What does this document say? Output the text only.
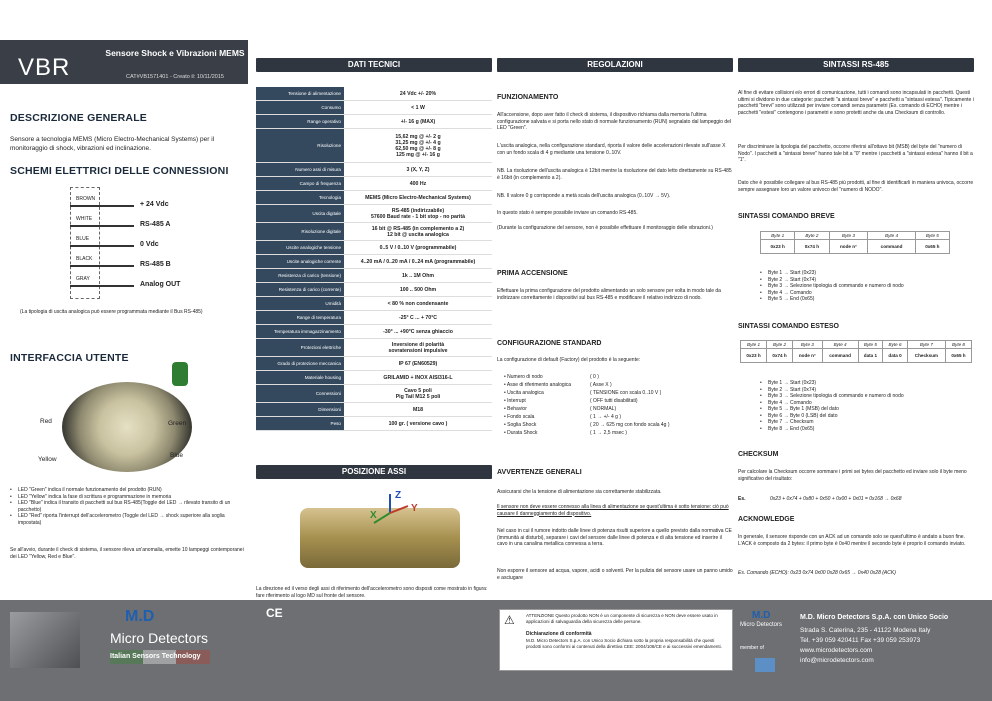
VBR
Sensore Shock e Vibrazioni MEMS
CAT#VB1571401 - Creato il: 10/11/2015
DESCRIZIONE GENERALE
Sensore a tecnologia MEMS (Micro Electro-Mechanical Systems) per il monitoraggio di shock, vibrazioni ed inclinazione.
SCHEMI ELETTRICI DELLE CONNESSIONI
BROWN
+ 24 Vdc
WHITE
RS-485 A
BLUE
0 Vdc
BLACK
RS-485 B
GRAY
Analog OUT
(La tipologia di uscita analogica può essere programmata mediante il Bus RS-485)
INTERFACCIA UTENTE
Red	Green
Yellow
Blue
• LED "Green" indica il normale funzionamento del prodotto (RUN)
• LED "Yellow" indica la fase di scrittura e programmazione in memoria
• LED "Blue" indica il transito di pacchetti sul bus RS-485(Toggle del LED → rilevato transito di un pacchetto)
• LED "Red" riporta l'interrupt dell'accelerometro (Toggle del LED → shock superiore alla soglia impostata)
Se all'avvio, durante il check di sistema, il sensore rileva un'anomalia, emette 10 lampeggi contemporanei dei LED "Yellow, Red e Blue".
DATI TECNICI
Tensione di alimentazione	24 Vdc +/- 20%
Consumo	< 1 W
Range operativo	+/- 16 g (MAX)
Risoluzione
15,62 mg @ +/- 2 g
31,25 mg @ +/- 4 g
62,50 mg @ +/- 8 g
125 mg @ +/- 16 g
Numero assi di misura	3 (X, Y, Z)
Campo di frequenza	400 Hz
Tecnologia	MEMS (Micro Electro-Mechanical Systems)
Uscita digitale	RS-485 (indirizzabile)
57600 Baud rate - 1 bit stop - no parità
Risoluzione digitale	16 bit @ RS-485 (in complemento a 2)
12 bit @ uscita analogica
Uscite analogiche tensione	0..5 V / 0..10 V (programmabile)
Uscite analogiche corrente	4..20 mA / 0..20 mA / 0..24 mA (programmabile)
Resistenza di carico (tensione)	1k .. 1M Ohm
Resistenza di carico (corrente)	100 .. 500 Ohm
Umidità	< 80 % non condensante
Range di temperatura	-25° C ... + 70°C
Temperatura immagazzinamento	-30° ... +90°C senza ghiaccio
Protezioni elettriche	Inversione di polarità
sovratensioni impulsive
Grado di protezione meccanica	IP 67 (EN60529)
Materiale housing	GRILAMID + INOX AISI316-L
Connessioni	Cavo 5 poli
Pig Tail M12 5 poli
Dimensioni	M18
Peso	100 gr. ( versione cavo )
POSIZIONE ASSI
Z
X
Y
La direzione ed il verso degli assi di riferimento dell'accelerometro sono disposti come mostrato in figura: fare riferimento al logo MD sul fronte del sensore.
REGOLAZIONI
FUNZIONAMENTO
All'accensione, dopo aver fatto il check di sistema, il dispositivo richiama dalla memoria l'ultima configurazione salvata e si porta nello stato di normale funzionamento (RUN) segnalato dal lampeggio del LED "Green".
L'uscita analogica, nella configurazione standard, riporta il valore delle accelerazioni rilevate sull'asse X con un fondo scala di 4 g mediante una tensione 0..10V.
NB. La risoluzione dell'uscita analogica è 12bit mentre la risoluzione del dato letto direttamente su RS-485 è 16bit (in complemento a 2).
NB. Il valore 0 g corrisponde a metà scala dell'uscita analogica (0..10V → 5V).
In questo stato è sempre possibile inviare un comando RS-485.
(Durante la configurazione del sensore, non è possibile effettuare il monitoraggio delle vibrazioni.)
PRIMA ACCENSIONE
Effettuare la prima configurazione del prodotto alimentando un solo sensore per volta in modo tale da indirizzare correttamente i dispositivi sul bus RS-485 e modificare il relativo indirizzo di nodo.
CONFIGURAZIONE STANDARD
La configurazione di default (Factory) del prodotto è la seguente:
• Numero di nodo	( 0 )
• Asse di riferimento analogica	( Asse X )
• Uscita analogica	( TENSIONE con scala 0..10 V )
• Interrupt	( OFF tutti disabilitati)
• Behavior	( NORMAL)
• Fondo scala	( 1 → +/- 4 g )
• Soglia Shock	( 20 → 625 mg con fondo scala 4g )
• Durata Shock	( 1 → 2,5 msec )
AVVERTENZE GENERALI
Assicurarsi che la tensione di alimentazione sia correttamente stabilizzata.
Il sensore non deve essere connesso alla linea di alimentazione se quest'ultima è sotto tensione: ciò può causare il danneggiamento del dispositivo.
Nel caso in cui il rumore indotto dalle linee di potenza risulti superiore a quello previsto dalla normativa CE (immunità ai disturbi), separare i cavi del sensore dalle linee di potenza e di alta tensione ed inserire il cavo in una canalina metallica connessa a terra.
Non esporre il sensore ad acqua, vapore, acidi o solventi. Per la pulizia del sensore usare un panno umido e asciugare
SINTASSI RS-485
Al fine di evitare collisioni e/o errori di comunicazione, tutti i comandi sono incapsulati in pacchetti. Questi ultimi si dividono in due categorie: pacchetti "a sintassi breve" e pacchetti a "sintassi estesa". Tipicamente i pacchetti "brevi" sono utilizzati per inviare comandi senza parametri (Es. comando di ECHO) mentre i pacchetti "estesi" contengono i parametri e sono protetti anche da una Checksum di controllo.
Per discriminare la tipologia del pacchetto, occorre riferirsi all'ottavo bit (MSB) del byte del "numero di Nodo". I pacchetti a "sintassi breve" hanno tale bit a "0" mentre i pacchetti a "sintassi estesa" hanno il bit a "1".
Dato che è possibile collegare al bus RS-485 più prodotti, al fine di identificarli in maniera univoca, occorre sempre assegnare loro un valore univoco del "numero di NODO".
SINTASSI COMANDO BREVE
Byte 1	Byte 2	Byte 3	Byte 4	Byte 5
0x23 h	0x74 h	node n°	command	0x65 h
• Byte 1 → Start (0x23)
• Byte 2 → Start (0x74)
• Byte 3 → Selezione tipologia di commando e numero di nodo
• Byte 4 → Comando
• Byte 5 → End (0x65)
SINTASSI COMANDO ESTESO
Byte 1	Byte 2	Byte 3	Byte 4	Byte 5	Byte 6	Byte 7	Byte 8
0x23 h	0x74 h	node n°	command	data 1	data 0	Checksum	0x65 h
• Byte 1 → Start (0x23)
• Byte 2 → Start (0x74)
• Byte 3 → Selezione tipologia di commando e numero di nodo
• Byte 4 → Comando
• Byte 5 → Byte 1 (MSB) del dato
• Byte 6 → Byte 0 (LSB) del dato
• Byte 7 → Checksum
• Byte 8 → End (0x65)
CHECKSUM
Per calcolare la Checksum occorre sommare i primi sei bytes del pacchetto ed inviare solo il byte meno significativo del risultato:
Es.	0x23 + 0x74 + 0x80 + 0x50 + 0x00 + 0x01 = 0x168 → 0x68
ACKNOWLEDGE
In generale, il sensore risponde con un ACK ad un comando solo se quest'ultimo è andato a buon fine. L'ACK è composto da 2 bytes: il primo byte è 0x40 mentre il secondo byte è proprio il comando inviato.
Es. Comando (ECHO): 0x23 0x74 0x00 0x28 0x65 → 0x40 0x28 (ACK)
M.D
Micro Detectors
Italian Sensors Technology
CE	⚠ ATTENZIONE Questo prodotto NON è un componente di sicurezza e NON deve essere usato in applicazioni di salvaguardia della sicurezza delle persone.
Dichiarazione di conformità
M.D. Micro Detectors S.p.A. con Unico Socio dichiara sotto la propria responsabilità che questi prodotti sono conformi ai contenuti della direttiva CEE: 2004/108/CE e ai successivi emendamenti.
M.D
Micro Detectors
member of
M.D. Micro Detectors S.p.A. con Unico Socio
Strada S. Caterina, 235 - 41122 Modena Italy
Tel. +39 059 420411 Fax +39 059 253973
www.microdetectors.com
info@microdetectors.com
